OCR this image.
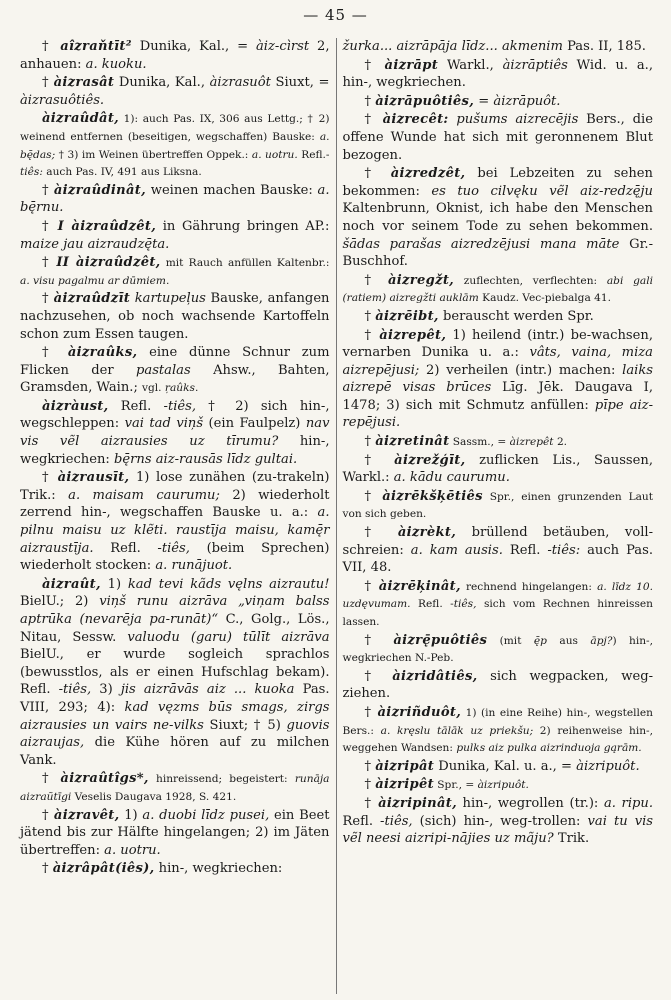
— 45 —

† aîzraňtīt² Dunika, Kal., = àiz-cìrst 2, anhauen: a. kuoku.

† àizrasât Dunika, Kal., àizrasuôt Siuxt, = àizrasuôtiês.

àizraûdât, 1): auch Pas. IX, 306 aus Lettg.; † 2) weinend entfernen (beseitigen, wegschaffen) Bauske: a. bę̄das; † 3) im Weinen übertreffen Oppek.: a. uotru. Refl.-tiês: auch Pas. IV, 491 aus Liksna.

† àizraûdinât, weinen machen Bauske: a. bę̄rnu.

† I àizraûdzêt, in Gährung bringen AP.: maize jau aizraudzę̄ta.

† II àizraûdzêt, mit Rauch anfüllen Kaltenbr.: a. visu pagalmu ar dūmiem.

† àizraûdzīt kartupeļus Bauske, anfangen nachzusehen, ob noch wachsende Kartoffeln schon zum Essen taugen.

† àizraûks, eine dünne Schnur zum Flicken der pastalas Ahsw., Bahten, Gramsden, Wain.; vgl. ŗaûks.

àizràust, Refl. -tiês, † 2) sich hin-, wegschleppen: vai tad viņš (ein Faulpelz) nav vis vẽl aizrausies uz tīrumu? hin-, wegkriechen: bę̄rns aiz-rausās līdz gultai.

† àizrausīt, 1) lose zunähen (zu-trakeln) Trik.: a. maisam caurumu; 2) wiederholt zerrend hin-, wegschaffen Bauske u. a.: a. pilnu maisu uz klẽti. raustīja maisu, kamę̄r aizraustīja. Refl. -tiês, (beim Sprechen) wiederholt stocken: a. runājuot.

àizraût, 1) kad tevi kãds vęlns aizrautu! BielU.; 2) viņš runu aizrāva „viņam balss aptrūka (nevarēja pa-runāt)“ C., Golg., Lös., Nitau, Sessw. valuodu (garu) tūlīt aizrāva BielU., er wurde sogleich sprachlos (bewusstlos, als er einen Hufschlag bekam). Refl. -tiês, 3) jis aizrāvās aiz ... kuoka Pas. VIII, 293; 4): kad vęzms būs smags, zirgs aizrausies un vairs ne-vilks Siuxt; † 5) guovis aizraujas, die Kühe hören auf zu milchen Vank.

† àizraûtîgs*, hinreissend; begeistert: runāja aizraũtīgi Veselis Daugava 1928, S. 421.

† àizravêt, 1) a. duobi līdz pusei, ein Beet jätend bis zur Hälfte hingelangen; 2) im Jäten übertreffen: a. uotru.

† àizrâpât(iês), hin-, wegkriechen:

žurka... aizrāpāja līdz... akmenim Pas. II, 185.

† àizrāpt Warkl., àizrāptiês Wid. u. a., hin-, wegkriechen.

† àizrāpuôtiês, = àizrāpuôt.

† àizrecêt: pušums aizrecējis Bers., die offene Wunde hat sich mit geronnenem Blut bezogen.

† àizredzêt, bei Lebzeiten zu sehen bekommen: es tuo cilvęku vẽl aiz-redzę̄ju Kaltenbrunn, Oknist, ich habe den Menschen noch vor seinem Tode zu sehen bekommen. šādas parašas aizredzē̄jusi mana māte Gr.-Buschhof.

† àizregžt, zuflechten, verflechten: abi gali (ratiem) aizregžti auklām Kaudz. Vec-piebalga 41.

† àizrēibt, berauscht werden Spr.

† àizrepêt, 1) heilend (intr.) be-wachsen, vernarben Dunika u. a.: vâts, vaina, miza aizrepē̄jusi; 2) verheilen (intr.) machen: laiks aizrepē visas brūces Līg. Jēk. Daugava I, 1478; 3) sich mit Schmutz anfüllen: pīpe aiz-repē̄jusi.

† àizretinât Sassm., = àizrepêt 2.

† àizrežģīt, zuflicken Lis., Saussen, Warkl.: a. kādu caurumu.

† àizrēkšķētiês Spr., einen grunzenden Laut von sich geben.

† àizrèkt, brüllend betäuben, voll-schreien: a. kam ausis. Refl. -tiês: auch Pas. VII, 48.

† àizrēķinât, rechnend hingelangen: a. līdz 10. uzdęvumam. Refl. -tiês, sich vom Rechnen hinreissen lassen.

† àizrę̄puôtiês (mit ę̄p aus āpj?) hin-, wegkriechen N.-Peb.

† àizridâtiês, sich wegpacken, weg-ziehen.

† àizriñduôt, 1) (in eine Reihe) hin-, wegstellen Bers.: a. kręslu tālāk uz priekšu; 2) reihenweise hin-, weggehen Wandsen: pulks aiz pulka aizrinduoja gąrām.

† àizripât Dunika, Kal. u. a., = àizripuôt.

† àizripêt Spr., = àizripuôt.

† àizripinât, hin-, wegrollen (tr.): a. ripu. Refl. -tiês, (sich) hin-, weg-trollen: vai tu vis vẽl neesi aizripi-nājies uz mãju? Trik.
